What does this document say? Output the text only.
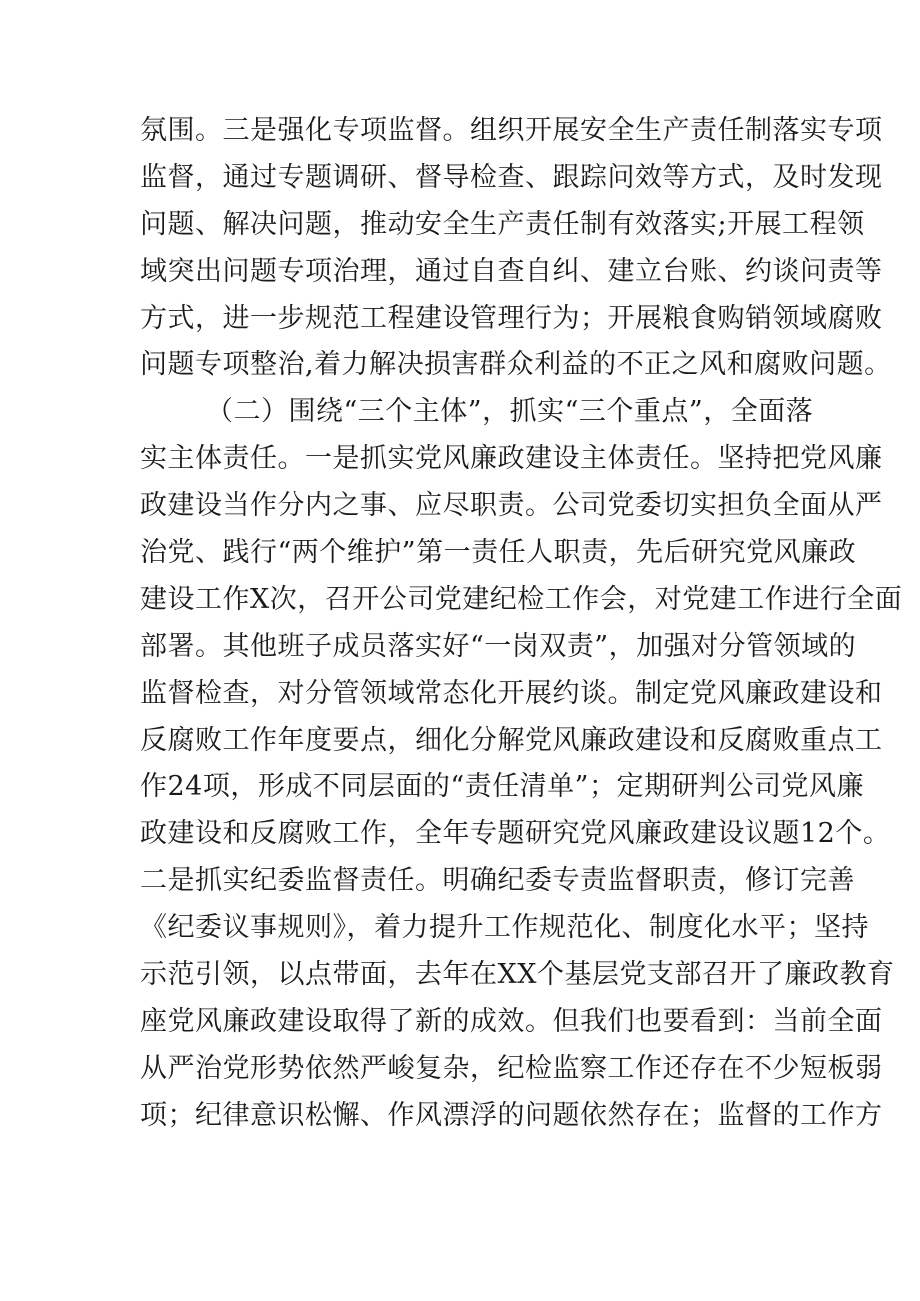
氛围。三是强化专项监督。组织开展安全生产责任制落实专项
监督，通过专题调研、督导检查、跟踪问效等方式，及时发现
问题、解决问题，推动安全生产责任制有效落实;开展工程领
域突出问题专项治理，通过自查自纠、建立台账、约谈问责等
方式，进一步规范工程建设管理行为；开展粮食购销领域腐败
问题专项整治,着力解决损害群众利益的不正之风和腐败问题。
（二）围绕“三个主体”，抓实“三个重点”，全面落
实主体责任。一是抓实党风廉政建设主体责任。坚持把党风廉
政建设当作分内之事、应尽职责。公司党委切实担负全面从严
治党、践行“两个维护”第一责任人职责，先后研究党风廉政
建设工作X次，召开公司党建纪检工作会，对党建工作进行全面
部署。其他班子成员落实好“一岗双责”，加强对分管领域的
监督检查，对分管领域常态化开展约谈。制定党风廉政建设和
反腐败工作年度要点，细化分解党风廉政建设和反腐败重点工
作24项，形成不同层面的“责任清单”；定期研判公司党风廉
政建设和反腐败工作，全年专题研究党风廉政建设议题12个。
二是抓实纪委监督责任。明确纪委专责监督职责，修订完善
《纪委议事规则》，着力提升工作规范化、制度化水平；坚持
示范引领，以点带面，去年在XX个基层党支部召开了廉政教育
座党风廉政建设取得了新的成效。但我们也要看到：当前全面
从严治党形势依然严峻复杂，纪检监察工作还存在不少短板弱
项；纪律意识松懈、作风漂浮的问题依然存在；监督的工作方
